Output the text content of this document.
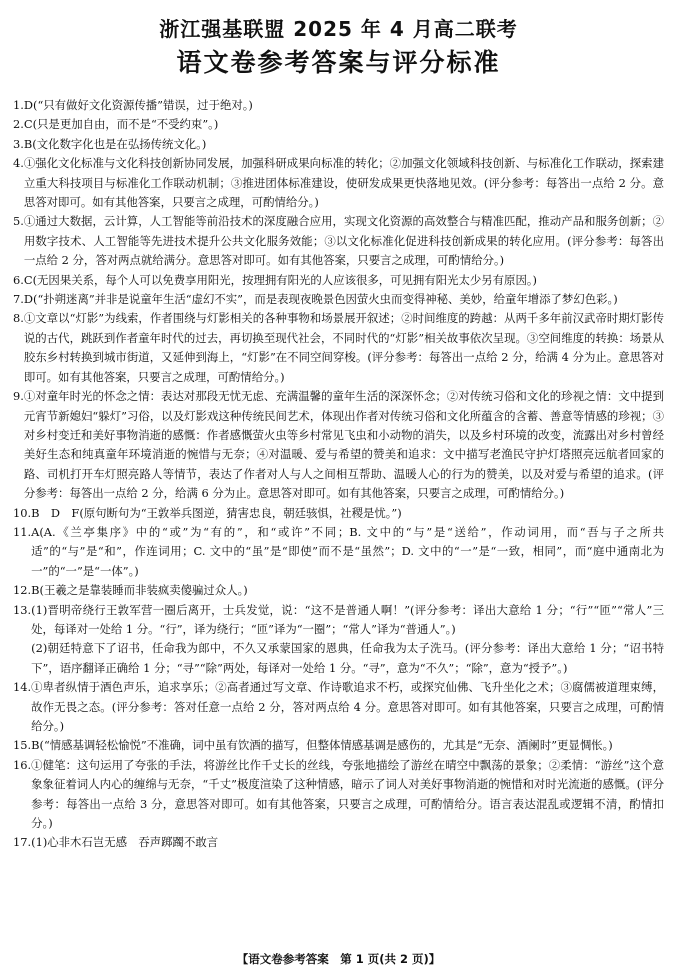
浙江强基联盟 2025 年 4 月高二联考
语文卷参考答案与评分标准
1. D(“只有做好文化资源传播”错误，过于绝对。)

2. C(只是更加自由，而不是“不受约束”。)

3. B(文化数字化也是在弘扬传统文化。)

4. ①强化文化标准与文化科技创新协同发展，加强科研成果向标准的转化；②加强文化领域科技创新、与标准化工作联动，探索建立重大科技项目与标准化工作联动机制；③推进团体标准建设，使研发成果更快落地见效。(评分参考：每答出一点给 2 分。意思答对即可。如有其他答案，只要言之成理，可酌情给分。)

5. ①通过大数据，云计算，人工智能等前沿技术的深度融合应用，实现文化资源的高效整合与精准匹配，推动产品和服务创新；②用数字技术、人工智能等先进技术提升公共文化服务效能；③以文化标准化促进科技创新成果的转化应用。(评分参考：每答出一点给 2 分，答对两点就给满分。意思答对即可。如有其他答案，只要言之成理，可酌情给分。)

6. C(无因果关系，每个人可以免费享用阳光，按理拥有阳光的人应该很多，可见拥有阳光太少另有原因。)

7. D(“扑朔迷离”并非是说童年生活“虚幻不实”，而是表现夜晚景色因萤火虫而变得神秘、美妙，给童年增添了梦幻色彩。)

8. ①文章以“灯影”为线索，作者围绕与灯影相关的各种事物和场景展开叙述；②时间维度的跨越：从两千多年前汉武帝时期灯影传说的古代，跳跃到作者童年时代的过去，再切换至现代社会，不同时代的“灯影”相关故事依次呈现。③空间维度的转换：场景从胶东乡村转换到城市街道，又延伸到海上，“灯影”在不同空间穿梭。(评分参考：每答出一点给 2 分，给满 4 分为止。意思答对即可。如有其他答案，只要言之成理，可酌情给分。)

9. ①对童年时光的怀念之情：表达对那段无忧无虑、充满温馨的童年生活的深深怀念；②对传统习俗和文化的珍视之情：文中提到元宵节新媳妇“躲灯”习俗，以及灯影戏这种传统民间艺术，体现出作者对传统习俗和文化所蕴含的含蓄、善意等情感的珍视；③对乡村变迁和美好事物消逝的感慨：作者感慨萤火虫等乡村常见飞虫和小动物的消失，以及乡村环境的改变，流露出对乡村曾经美好生态和纯真童年环境消逝的惋惜与无奈；④对温暖、爱与希望的赞美和追求：文中描写老渔民守护灯塔照亮远航者回家的路、司机打开车灯照亮路人等情节，表达了作者对人与人之间相互帮助、温暖人心的行为的赞美，以及对爱与希望的追求。(评分参考：每答出一点给 2 分，给满 6 分为止。意思答对即可。如有其他答案，只要言之成理，可酌情给分。)

10. B　D　F(原句断句为“王敦举兵图逆，猜害忠良，朝廷骇惧，社稷是忧。”)

11. A(A.《兰亭集序》中的“或”为“有的”，和“或许”不同；B. 文中的“与”是“送给”，作动词用，而“吾与子之所共适”的“与”是“和”，作连词用；C. 文中的“虽”是“即使”而不是“虽然”；D. 文中的“一”是“一致，相同”，而“庭中通南北为一”的“一”是“一体”。)

12. B(王羲之是靠装睡而非装疯卖傻骗过众人。)

13. (1)晋明帝绕行王敦军营一圈后离开，士兵发觉，说：“这不是普通人啊！”(评分参考：译出大意给 1 分；“行”“匝”“常人”三处，每译对一处给 1 分。“行”，译为绕行；“匝”译为“一圈”；“常人”译为“普通人”。)

(2)朝廷特意下了诏书，任命我为郎中，不久又承蒙国家的恩典，任命我为太子洗马。(评分参考：译出大意给 1 分；“诏书特下”，语序翻译正确给 1 分；“寻”“除”两处，每译对一处给 1 分。“寻”，意为“不久”；“除”，意为“授予”。)

14. ①卑者纵情于酒色声乐，追求享乐；②高者通过写文章、作诗歌追求不朽，或探究仙佛、飞升坐化之术；③腐儒被道理束缚，故作无畏之态。(评分参考：答对任意一点给 2 分，答对两点给 4 分。意思答对即可。如有其他答案，只要言之成理，可酌情给分。)

15. B(“情感基调轻松愉悦”不准确，词中虽有饮酒的描写，但整体情感基调是感伤的，尤其是“无奈、酒阑时”更显惆怅。)

16. ①健笔：这句运用了夸张的手法，将游丝比作千丈长的丝线，夸张地描绘了游丝在晴空中飘荡的景象；②柔情：“游丝”这个意象象征着词人内心的缠绵与无奈，“千丈”极度渲染了这种情感，暗示了词人对美好事物消逝的惋惜和对时光流逝的感慨。(评分参考：每答出一点给 3 分，意思答对即可。如有其他答案，只要言之成理，可酌情给分。语言表达混乱或逻辑不清，酌情扣分。)

17. (1)心非木石岂无感　吞声踯躅不敢言

【语文卷参考答案　第 1 页(共 2 页)】
